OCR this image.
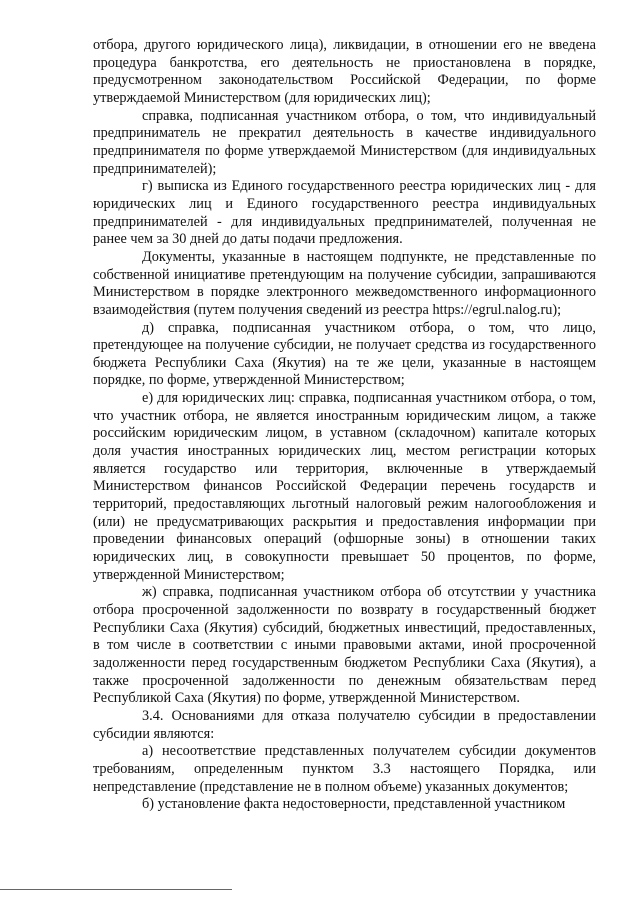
отбора, другого юридического лица), ликвидации, в отношении его не введена процедура банкротства, его деятельность не приостановлена в порядке, предусмотренном законодательством Российской Федерации, по форме утверждаемой Министерством (для юридических лиц);

справка, подписанная участником отбора, о том, что индивидуальный предприниматель не прекратил деятельность в качестве индивидуального предпринимателя по форме утверждаемой Министерством (для индивидуальных предпринимателей);

г) выписка из Единого государственного реестра юридических лиц - для юридических лиц и Единого государственного реестра индивидуальных предпринимателей - для индивидуальных предпринимателей, полученная не ранее чем за 30 дней до даты подачи предложения.

Документы, указанные в настоящем подпункте, не представленные по собственной инициативе претендующим на получение субсидии, запрашиваются Министерством в порядке электронного межведомственного информационного взаимодействия (путем получения сведений из реестра https://egrul.nalog.ru);

д) справка, подписанная участником отбора, о том, что лицо, претендующее на получение субсидии, не получает средства из государственного бюджета Республики Саха (Якутия) на те же цели, указанные в настоящем порядке, по форме, утвержденной Министерством;

е) для юридических лиц: справка, подписанная участником отбора, о том, что участник отбора, не является иностранным юридическим лицом, а также российским юридическим лицом, в уставном (складочном) капитале которых доля участия иностранных юридических лиц, местом регистрации которых является государство или территория, включенные в утверждаемый Министерством финансов Российской Федерации перечень государств и территорий, предоставляющих льготный налоговый режим налогообложения и (или) не предусматривающих раскрытия и предоставления информации при проведении финансовых операций (офшорные зоны) в отношении таких юридических лиц, в совокупности превышает 50 процентов, по форме, утвержденной Министерством;

ж) справка, подписанная участником отбора об отсутствии у участника отбора просроченной задолженности по возврату в государственный бюджет Республики Саха (Якутия) субсидий, бюджетных инвестиций, предоставленных, в том числе в соответствии с иными правовыми актами, иной просроченной задолженности перед государственным бюджетом Республики Саха (Якутия), а также просроченной задолженности по денежным обязательствам перед Республикой Саха (Якутия) по форме, утвержденной Министерством.

3.4. Основаниями для отказа получателю субсидии в предоставлении субсидии являются:

а) несоответствие представленных получателем субсидии документов требованиям, определенным пунктом 3.3 настоящего Порядка, или непредставление (представление не в полном объеме) указанных документов;

б) установление факта недостоверности, представленной участником
